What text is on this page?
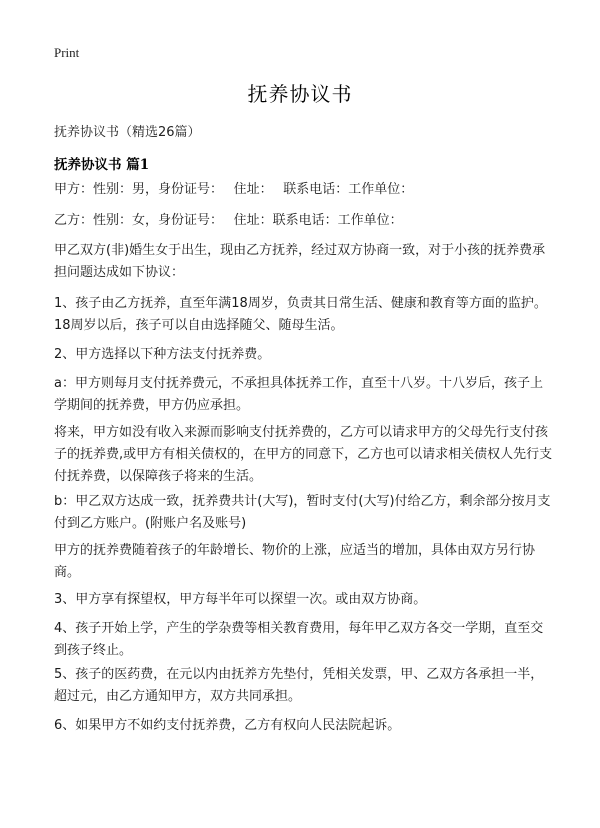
Print
抚养协议书
抚养协议书（精选26篇）
抚养协议书 篇1

甲方：性别：男，身份证号：　 住址：　 联系电话：工作单位：

乙方：性别：女，身份证号：　 住址：联系电话：工作单位：

甲乙双方(非)婚生女于出生，现由乙方抚养，经过双方协商一致，对于小孩的抚养费承担问题达成如下协议：

1、孩子由乙方抚养，直至年满18周岁，负责其日常生活、健康和教育等方面的监护。18周岁以后，孩子可以自由选择随父、随母生活。

2、甲方选择以下种方法支付抚养费。

a：甲方则每月支付抚养费元，不承担具体抚养工作，直至十八岁。十八岁后，孩子上学期间的抚养费，甲方仍应承担。

将来，甲方如没有收入来源而影响支付抚养费的，乙方可以请求甲方的父母先行支付孩子的抚养费,或甲方有相关债权的，在甲方的同意下，乙方也可以请求相关债权人先行支付抚养费，以保障孩子将来的生活。

b：甲乙双方达成一致，抚养费共计(大写)，暂时支付(大写)付给乙方，剩余部分按月支付到乙方账户。(附账户名及账号)

甲方的抚养费随着孩子的年龄增长、物价的上涨，应适当的增加，具体由双方另行协商。

3、甲方享有探望权，甲方每半年可以探望一次。或由双方协商。

4、孩子开始上学，产生的学杂费等相关教育费用，每年甲乙双方各交一学期，直至交到孩子终止。

5、孩子的医药费，在元以内由抚养方先垫付，凭相关发票，甲、乙双方各承担一半，超过元，由乙方通知甲方，双方共同承担。

6、如果甲方不如约支付抚养费，乙方有权向人民法院起诉。
